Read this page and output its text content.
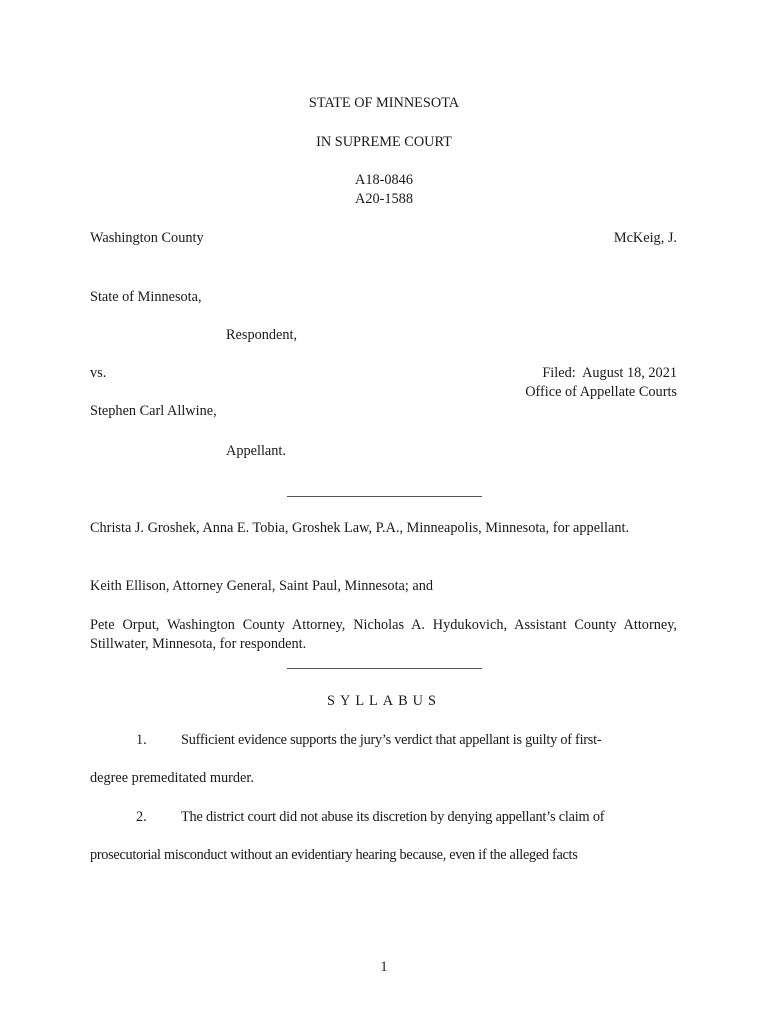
STATE OF MINNESOTA
IN SUPREME COURT
A18-0846
A20-1588
Washington County	McKeig, J.
State of Minnesota,
Respondent,
vs.	Filed:  August 18, 2021
Office of Appellate Courts
Stephen Carl Allwine,
Appellant.
Christa J. Groshek, Anna E. Tobia, Groshek Law, P.A., Minneapolis, Minnesota, for appellant.
Keith Ellison, Attorney General, Saint Paul, Minnesota; and
Pete Orput, Washington County Attorney, Nicholas A. Hydukovich, Assistant County Attorney, Stillwater, Minnesota, for respondent.
SYLLABUS
1. Sufficient evidence supports the jury’s verdict that appellant is guilty of first-
degree premeditated murder.
2. The district court did not abuse its discretion by denying appellant’s claim of
prosecutorial misconduct without an evidentiary hearing because, even if the alleged facts
1
